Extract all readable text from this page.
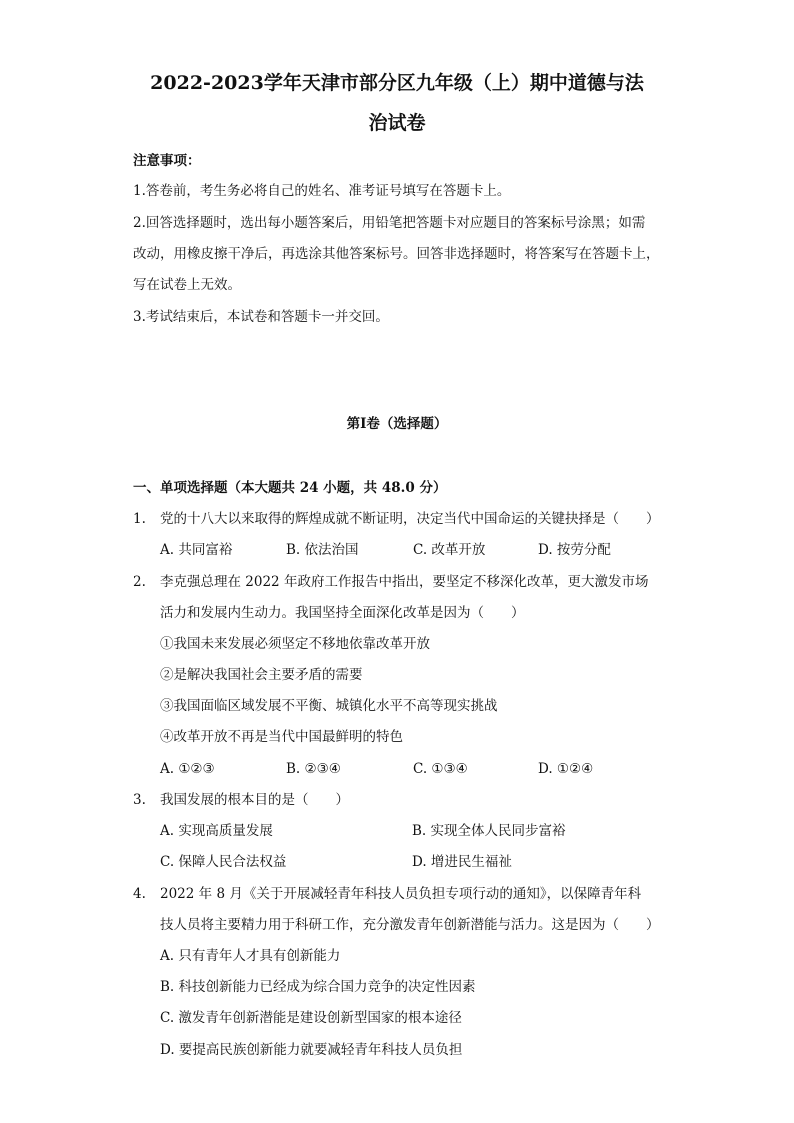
2022-2023学年天津市部分区九年级（上）期中道德与法
治试卷
注意事项：
1.答卷前，考生务必将自己的姓名、准考证号填写在答题卡上。
2.回答选择题时，选出每小题答案后，用铅笔把答题卡对应题目的答案标号涂黑；如需
改动，用橡皮擦干净后，再选涂其他答案标号。回答非选择题时，将答案写在答题卡上，
写在试卷上无效。
3.考试结束后，本试卷和答题卡一并交回。
第I卷（选择题）
一、单项选择题（本大题共 24 小题，共 48.0 分）
1. 党的十八大以来取得的辉煌成就不断证明，决定当代中国命运的关键抉择是（　　）
A. 共同富裕	B. 依法治国	C. 改革开放	D. 按劳分配
2. 李克强总理在 2022 年政府工作报告中指出，要坚定不移深化改革，更大激发市场
活力和发展内生动力。我国坚持全面深化改革是因为（　　）
①我国未来发展必须坚定不移地依靠改革开放
②是解决我国社会主要矛盾的需要
③我国面临区域发展不平衡、城镇化水平不高等现实挑战
④改革开放不再是当代中国最鲜明的特色
A. ①②③	B. ②③④	C. ①③④	D. ①②④
3. 我国发展的根本目的是（　　）
A. 实现高质量发展	B. 实现全体人民同步富裕
C. 保障人民合法权益	D. 增进民生福祉
4. 2022 年 8 月《关于开展减轻青年科技人员负担专项行动的通知》，以保障青年科
技人员将主要精力用于科研工作，充分激发青年创新潜能与活力。这是因为（　　）
A. 只有青年人才具有创新能力
B. 科技创新能力已经成为综合国力竞争的决定性因素
C. 激发青年创新潜能是建设创新型国家的根本途径
D. 要提高民族创新能力就要减轻青年科技人员负担
